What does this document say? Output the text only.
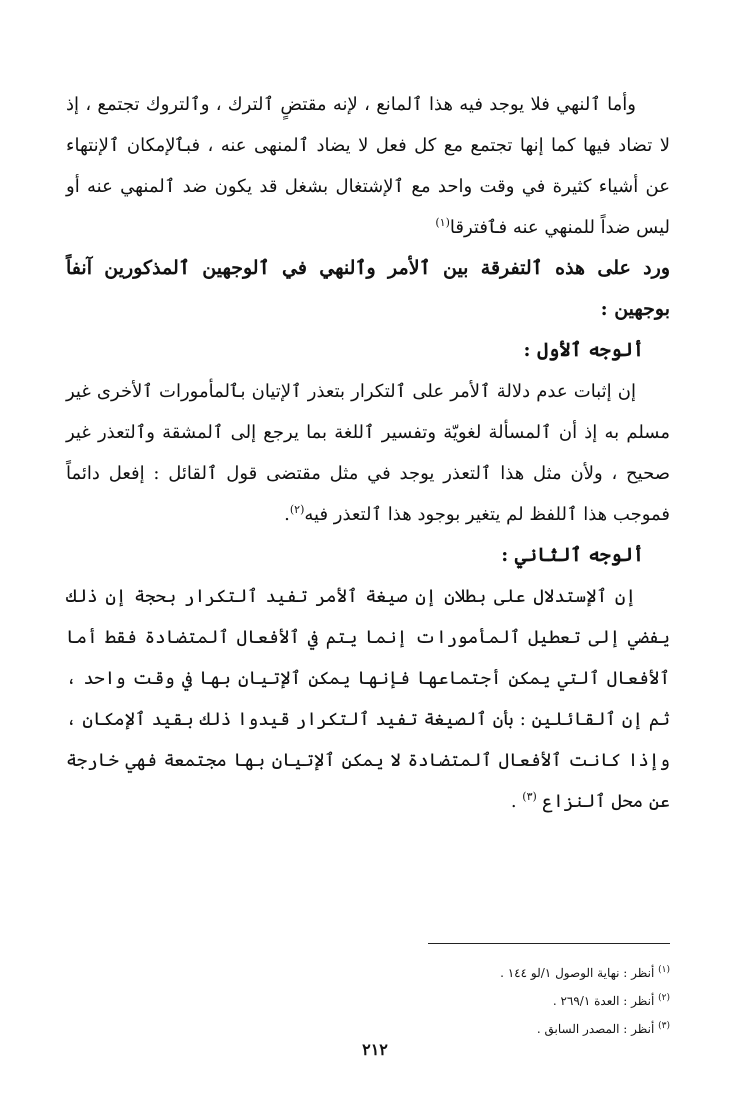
وأما ٱلنهي فلا يوجد فيه هذا ٱلمانع ، لإنه مقتضٍ ٱلترك ، وٱلتروك تجتمع ، إذ لا تضاد فيها كما إنها تجتمع مع كل فعل لا يضاد ٱلمنهى عنه ، فبٱلإمكان ٱلإنتهاء عن أشياء كثيرة في وقت واحد مع ٱلإشتغال بشغل قد يكون ضد ٱلمنهي عنه أو ليس ضداً للمنهي عنه فٱفترقا$^{(١)}$

ورد على هذه ٱلتفرقة بين ٱلأمر وٱلنهي في ٱلوجهين ٱلمذكورين آنفاً بوجهين :

ألوجه ٱلأول :

إن إثبات عدم دلالة ٱلأمر على ٱلتكرار بتعذر ٱلإتيان بٱلمأمورات ٱلأخرى غير مسلم به إذ أن ٱلمسألة لغويّة وتفسير ٱللغة بما يرجع إلى ٱلمشقة وٱلتعذر غير صحيح ، ولأن مثل هذا ٱلتعذر يوجد في مثل مقتضى قول ٱلقائل : إفعل دائماً فموجب هذا ٱللفظ لم يتغير بوجود هذا ٱلتعذر فيه$^{(٢)}$.

ألوجه ٱلثاني :

إن ٱلإستدلال على بطلان إن صيغة ٱلأمر تفيد ٱلتكرار بحجة إن ذلك يفضي إلى تعطيل ٱلمأمورات إنما يتم في ٱلأفعال ٱلمتضادة فقط أما ٱلأفعال ٱلتي يمكن أجتماعها فإنها يمكن ٱلإتيان بها في وقت واحد ، ثم إن ٱلقائلين : بأن ٱلصيغة تفيد ٱلتكرار قيدوا ذلك بقيد ٱلإمكان ، وإذا كانت ٱلأفعال ٱلمتضادة لا يمكن ٱلإتيان بها مجتمعة فهي خارجة عن محل ٱلنزاع $^{(٣)}$ .

$^{(١)}$ أنظر : نهاية الوصول ١/لو ١٤٤ .

$^{(٢)}$ أنظر : العدة ٢٦٩/١ .

$^{(٣)}$ أنظر : المصدر السابق .

٢١٢
